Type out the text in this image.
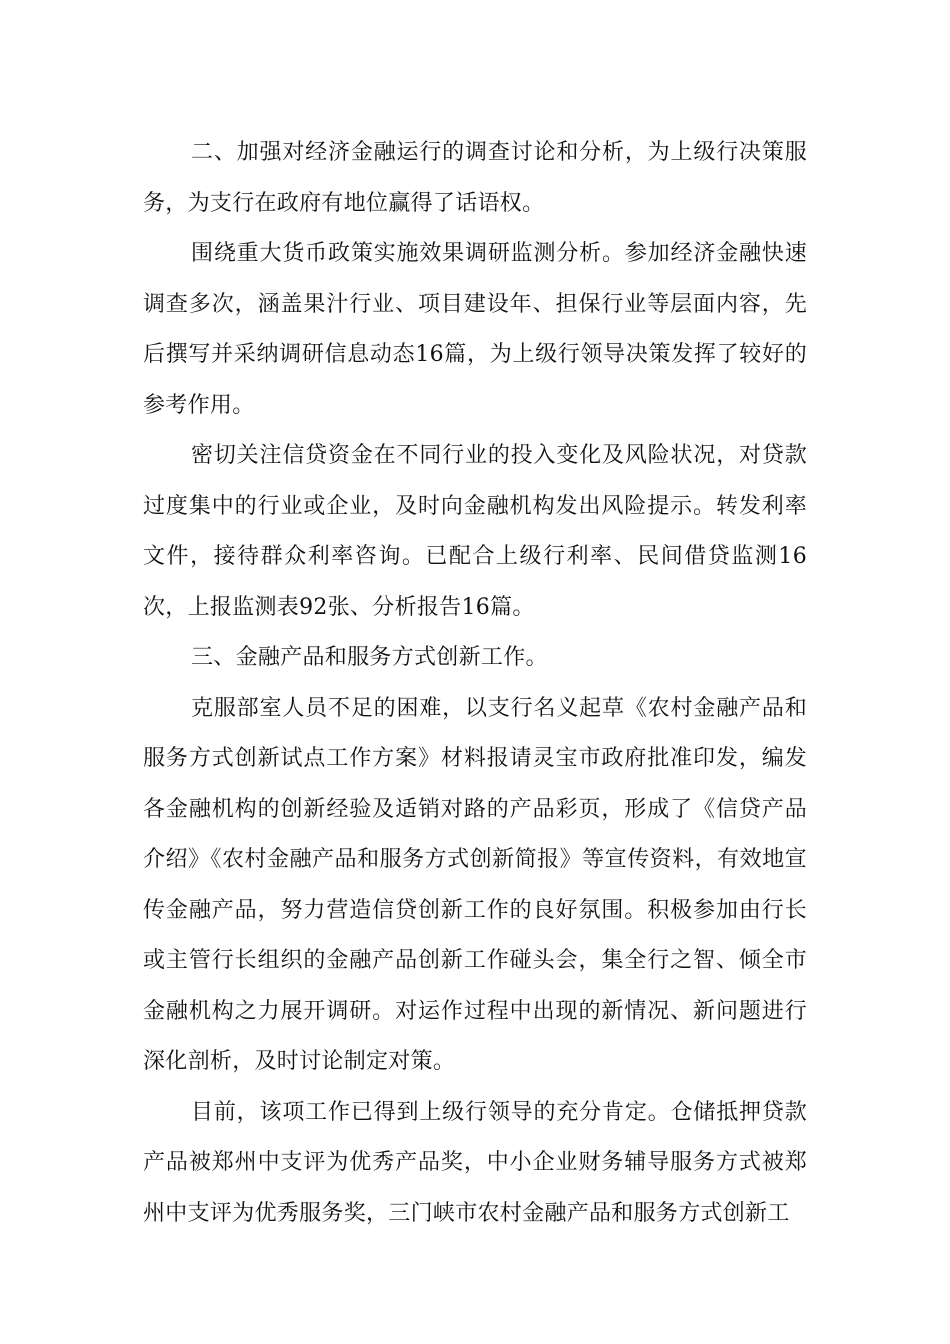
二、加强对经济金融运行的调查讨论和分析，为上级行决策服务，为支行在政府有地位赢得了话语权。

围绕重大货币政策实施效果调研监测分析。参加经济金融快速调查多次，涵盖果汁行业、项目建设年、担保行业等层面内容，先后撰写并采纳调研信息动态16篇，为上级行领导决策发挥了较好的参考作用。

密切关注信贷资金在不同行业的投入变化及风险状况，对贷款过度集中的行业或企业，及时向金融机构发出风险提示。转发利率文件，接待群众利率咨询。已配合上级行利率、民间借贷监测16次，上报监测表92张、分析报告16篇。

三、金融产品和服务方式创新工作。

克服部室人员不足的困难，以支行名义起草《农村金融产品和服务方式创新试点工作方案》材料报请灵宝市政府批准印发，编发各金融机构的创新经验及适销对路的产品彩页，形成了《信贷产品介绍》《农村金融产品和服务方式创新简报》等宣传资料，有效地宣传金融产品，努力营造信贷创新工作的良好氛围。积极参加由行长或主管行长组织的金融产品创新工作碰头会，集全行之智、倾全市金融机构之力展开调研。对运作过程中出现的新情况、新问题进行深化剖析，及时讨论制定对策。

目前，该项工作已得到上级行领导的充分肯定。仓储抵押贷款产品被郑州中支评为优秀产品奖，中小企业财务辅导服务方式被郑州中支评为优秀服务奖，三门峡市农村金融产品和服务方式创新工
